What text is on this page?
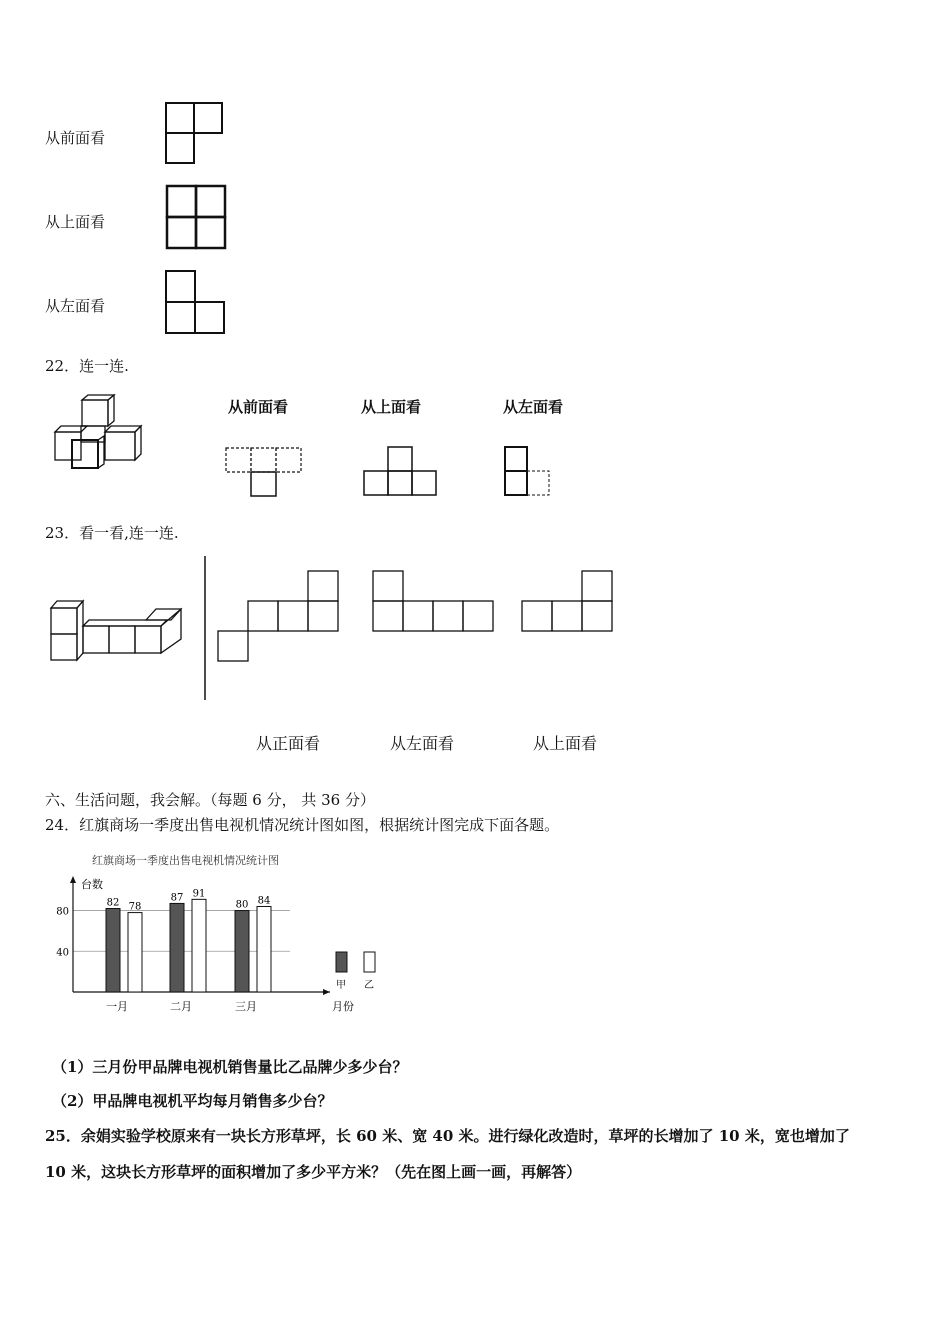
从前面看
从上面看
从左面看
22．连一连.
从前面看	从上面看	从左面看
23．看一看,连一连.
从正面看	从左面看	从上面看
六、生活问题，我会解。（每题 6 分， 共 36 分）
24．红旗商场一季度出售电视机情况统计图如图，根据统计图完成下面各题。
红旗商场一季度出售电视机情况统计图
40
80
台数
月份
82 78
一月
87 91
二月
80 84
三月
甲 乙
（1）三月份甲品牌电视机销售量比乙品牌少多少台？
（2）甲品牌电视机平均每月销售多少台？
25．余娟实验学校原来有一块长方形草坪，长 60 米、宽 40 米。进行绿化改造时，草坪的长增加了 10 米，宽也增加了
10 米，这块长方形草坪的面积增加了多少平方米？（先在图上画一画，再解答）
